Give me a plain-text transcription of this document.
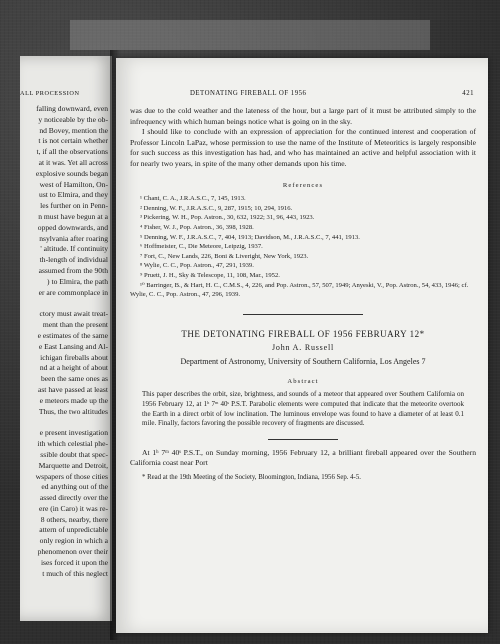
ALL PROCESSION
falling downward, even
y noticeable by the ob-
nd Bovey, mention the
t is not certain whether
t, if all the observations
at it was. Yet all across
explosive sounds began
west of Hamilton, On-
ust to Elmira, and they
les further on in Penn-
n must have begun at a
opped downwards, and
nsylvania after roaring
' altitude. If continuity
th-length of individual
assumed from the 90th
) to Elmira, the path
er are commonplace in
ctory must await treat-
ment than the present
e estimates of the same
e East Lansing and Al-
ichigan fireballs about
nd at a height of about
been the same ones as
ast have passed at least
e meteors made up the
Thus, the two altitudes
e present investigation
ith which celestial phe-
ssible doubt that spec-
Marquette and Detroit,
wspapers of those cities
ed anything out of the
assed directly over the
ere (in Caro) it was re-
8 others, nearby, there
attern of unpredictable
only region in which a
phenomenon over their
ises forced it upon the
t much of this neglect
DETONATING FIREBALL OF 1956	421

was due to the cold weather and the lateness of the hour, but a large part of it must be attributed simply to the infrequency with which human beings notice what is going on in the sky.

I should like to conclude with an expression of appreciation for the continued interest and cooperation of Professor Lincoln LaPaz, whose permission to use the name of the Institute of Meteoritics is largely responsible for such success as this investigation has had, and who has maintained an active and helpful association with it for nearly two years, in spite of the many other demands upon his time.

References
¹ Chant, C. A., J.R.A.S.C., 7, 145, 1913.
² Denning, W. F., J.R.A.S.C., 9, 287, 1915; 10, 294, 1916.
³ Pickering, W. H., Pop. Astron., 30, 632, 1922; 31, 96, 443, 1923.
⁴ Fisher, W. J., Pop. Astron., 36, 398, 1928.
⁵ Denning, W. F., J.R.A.S.C., 7, 404, 1913; Davidson, M., J.R.A.S.C., 7, 441, 1913.
⁶ Hoffmeister, C., Die Meteore, Leipzig, 1937.
⁷ Fort, C., New Lands, 226, Boni & Liveright, New York, 1923.
⁸ Wylie, C. C., Pop. Astron., 47, 291, 1939.
⁹ Pruett, J. H., Sky & Telescope, 11, 108, Mar., 1952.
¹⁰ Barringer, B., & Hart, H. C., C.M.S., 4, 226, and Pop. Astron., 57, 507, 1949; Anyeski, V., Pop. Astron., 54, 433, 1946; cf. Wylie, C. C., Pop. Astron., 47, 296, 1939.
THE DETONATING FIREBALL OF 1956 FEBRUARY 12*
John A. Russell
Department of Astronomy, University of Southern California, Los Angeles 7
Abstract
This paper describes the orbit, size, brightness, and sounds of a meteor that appeared over Southern California on 1956 February 12, at 1ʰ 7ᵐ 40ˢ P.S.T. Parabolic elements were computed that indicate that the meteorite overtook the Earth in a direct orbit of low inclination. The luminous envelope was found to have a diameter of at least 0.1 mile. Finally, factors favoring the possible recovery of fragments are discussed.

At 1ʰ 7ᵐ 40ˢ P.S.T., on Sunday morning, 1956 February 12, a brilliant fireball appeared over the Southern California coast near Port

* Read at the 19th Meeting of the Society, Bloomington, Indiana, 1956 Sep. 4-5.
